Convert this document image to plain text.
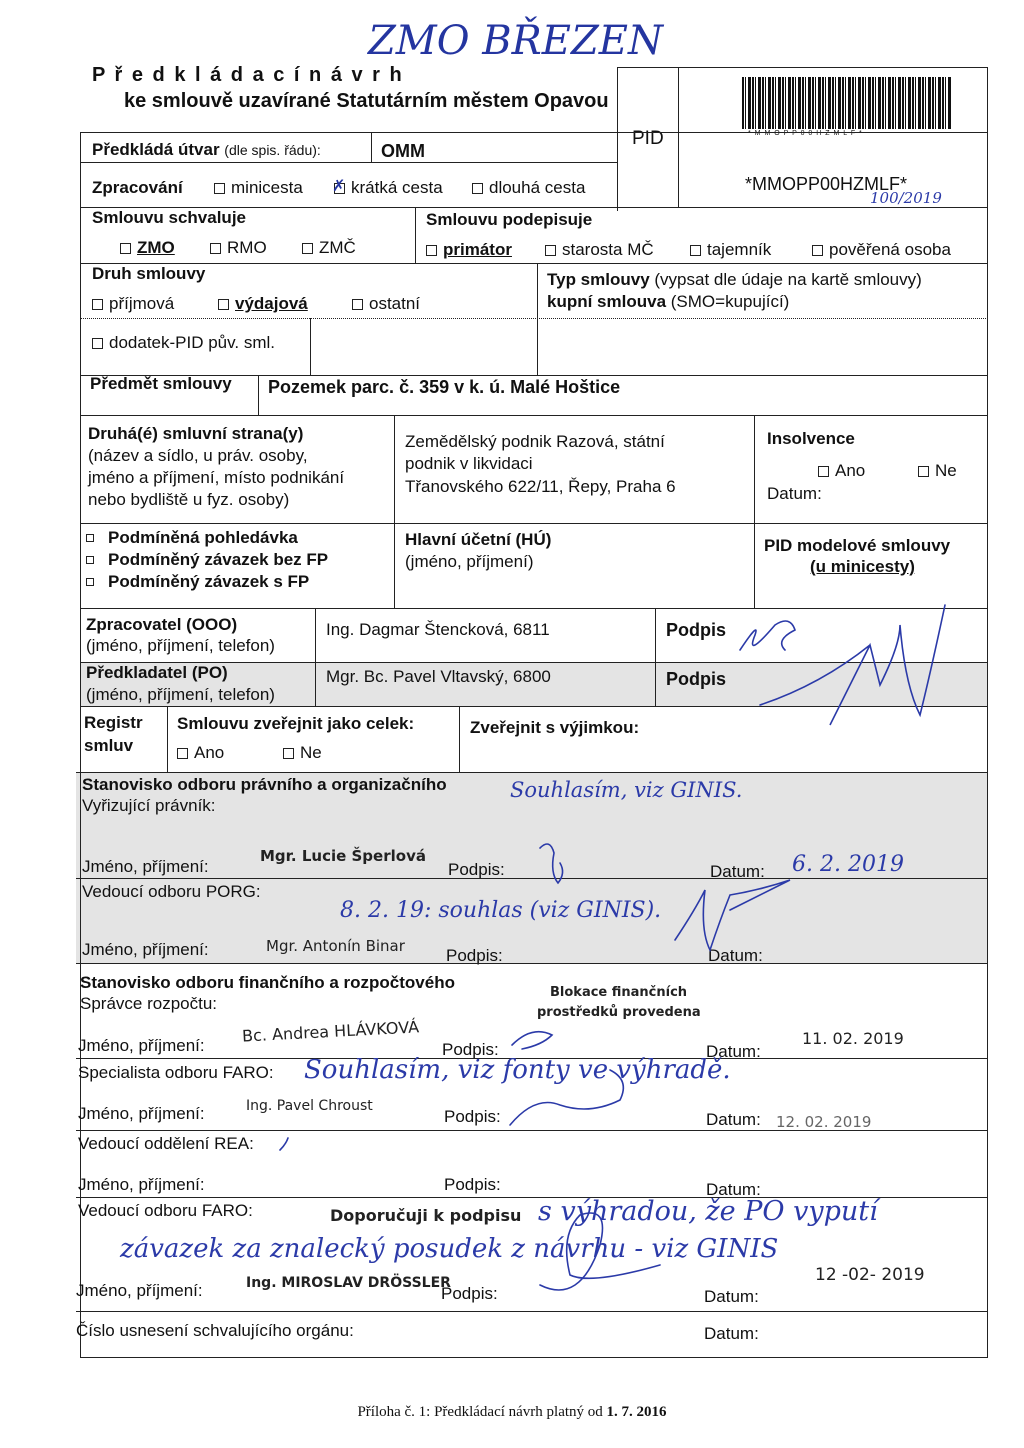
ZMO BŘEZEN
P ř e d k l á d a c í n á v r h
ke smlouvě uzavírané Statutárním městem Opavou
PID	* M M O P P 0 0 H Z M L F *
*MMOPP00HZMLF*
100/2019
Předkládá útvar (dle spis. řádu):	OMM
Zpracování	minicesta ✗ krátká cesta	dlouhá cesta
Smlouvu schvaluje
ZMO	RMO	ZMČ
Smlouvu podepisuje
primátor	starosta MČ	tajemník	pověřená osoba
Druh smlouvy
příjmová	výdajová	ostatní
Typ smlouvy (vypsat dle údaje na kartě smlouvy)
kupní smlouva (SMO=kupující)
dodatek-PID pův. sml.
Předmět smlouvy Pozemek parc. č. 359 v k. ú. Malé Hoštice
Druhá(é) smluvní strana(y)
(název a sídlo, u práv. osoby,
jméno a příjmení, místo podnikání
nebo bydliště u fyz. osoby)
Zemědělský podnik Razová, státní
podnik v likvidaci
Třanovského 622/11, Řepy, Praha 6
Insolvence
Ano	Ne
Datum:
Podmíněná pohledávka
Podmíněný závazek bez FP
Podmíněný závazek s FP
Hlavní účetní (HÚ)
(jméno, příjmení)
PID modelové smlouvy
(u minicesty)
Zpracovatel (OOO)
(jméno, příjmení, telefon)
Ing. Dagmar Štencková, 6811	Podpis
Předkladatel (PO)
(jméno, příjmení, telefon)
Mgr. Bc. Pavel Vltavský, 6800	Podpis
Registr
smluv
Smlouvu zveřejnit jako celek:
Ano	Ne
Zveřejnit s výjimkou:
Stanovisko odboru právního a organizačního
Vyřizující právník:
Souhlasím, viz GINIS.
Jméno, příjmení:
Mgr. Lucie Šperlová
Podpis:	Datum: 6. 2. 2019
Vedoucí odboru PORG:
8. 2. 19: souhlas (viz GINIS).
Jméno, příjmení:	Mgr. Antonín Binar Podpis:	Datum:
Stanovisko odboru finančního a rozpočtového
Správce rozpočtu:
Blokace finančních
prostředků provedena
Jméno, příjmení: Bc. Andrea HLÁVKOVÁ
Podpis:	Datum:
11. 02. 2019
Specialista odboru FARO: Souhlasím, viz fonty ve výhradě.
Jméno, příjmení:	Ing. Pavel Chroust
Podpis:	Datum: 12. 02. 2019
Vedoucí oddělení REA:
Jméno, příjmení:	Podpis:	Datum:
Vedoucí odboru FARO:	Doporučuji k podpisu s výhradou, že PO vyputí
závazek za znalecký posudek z návrhu - viz GINIS
Jméno, příjmení:	Ing. MIROSLAV DRÖSSLER
Podpis:	Datum:
12 -02- 2019
Číslo usnesení schvalujícího orgánu:	Datum:
Příloha č. 1: Předkládací návrh platný od 1. 7. 2016
